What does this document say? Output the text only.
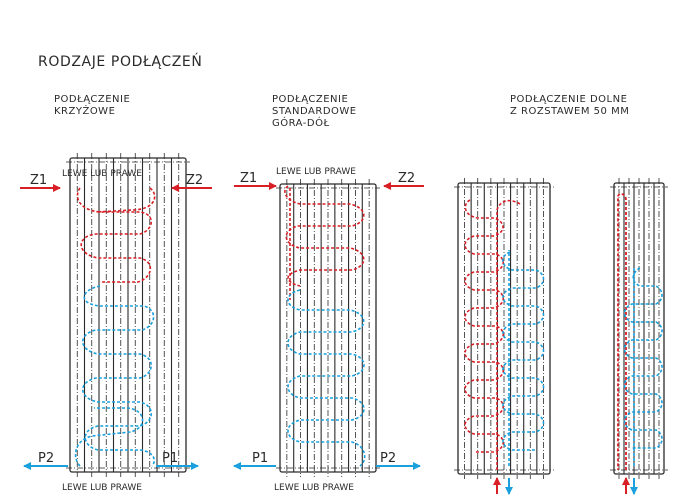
RODZAJE PODŁĄCZEŃ
PODŁĄCZENIE
KRZYŻOWE
PODŁĄCZENIE
STANDARDOWE
GÓRA-DÓŁ
PODŁĄCZENIE DOLNE
Z ROZSTAWEM 50 MM
Z1	Z2
LEWE LUB PRAWE
P2	P1
LEWE LUB PRAWE
Z1	Z2
LEWE LUB PRAWE
P1	P2
LEWE LUB PRAWE
